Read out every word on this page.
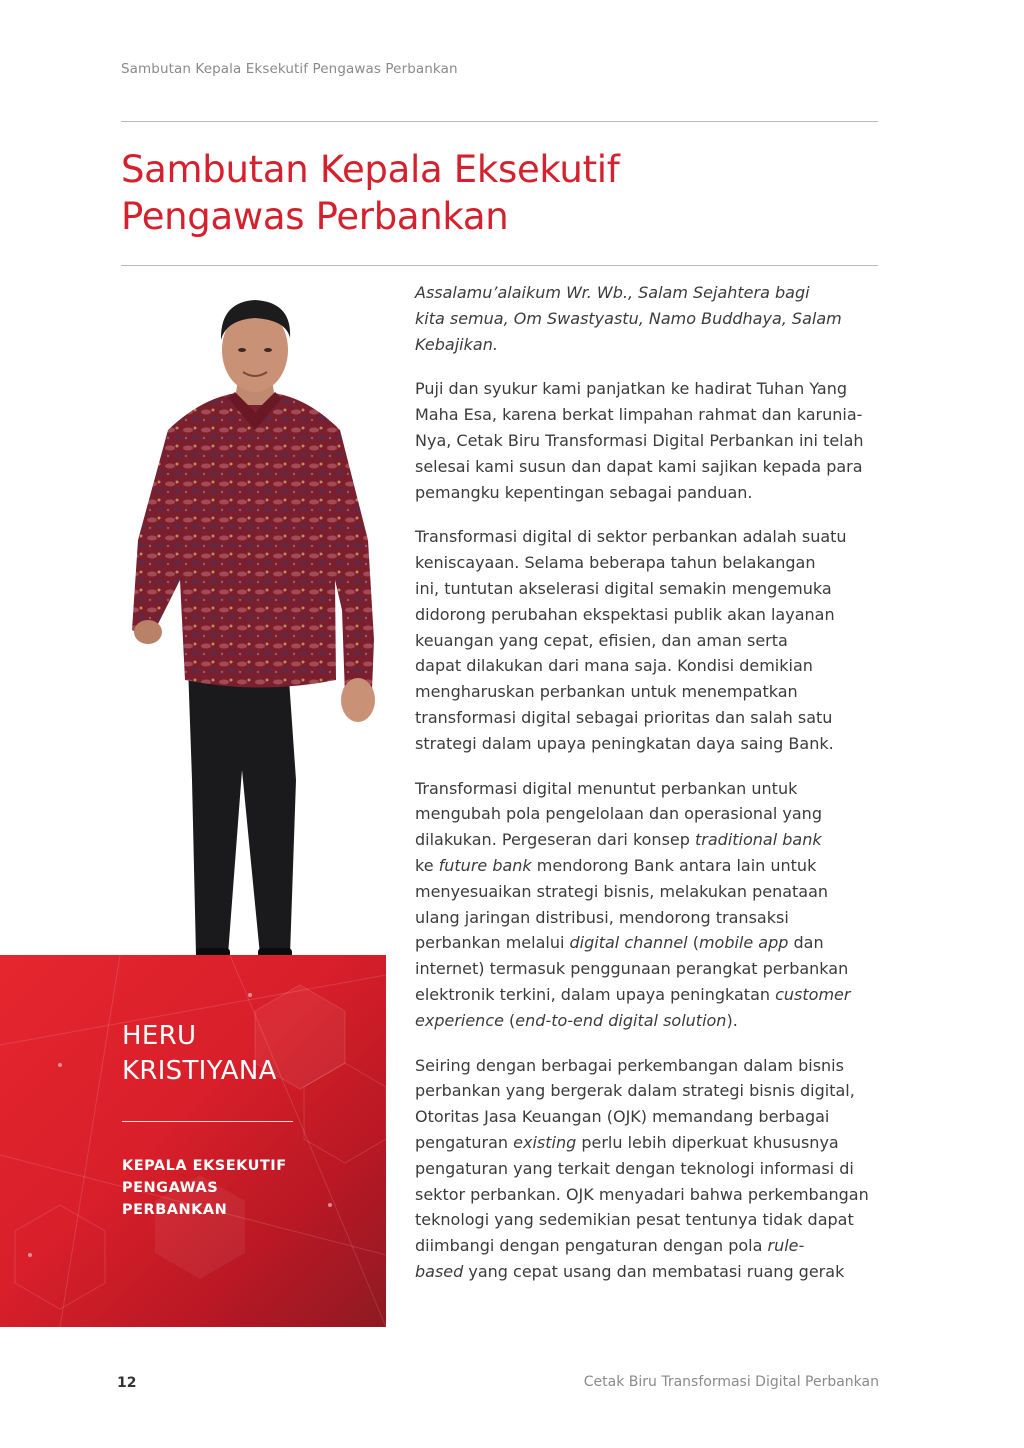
Sambutan Kepala Eksekutif Pengawas Perbankan
Sambutan Kepala Eksekutif
Pengawas Perbankan
HERU
KRISTIYANA
KEPALA EKSEKUTIF
PENGAWAS
PERBANKAN

Assalamu’alaikum Wr. Wb., Salam Sejahtera bagi
kita semua, Om Swastyastu, Namo Buddhaya, Salam
Kebajikan.

Puji dan syukur kami panjatkan ke hadirat Tuhan Yang
Maha Esa, karena berkat limpahan rahmat dan karunia-
Nya, Cetak Biru Transformasi Digital Perbankan ini telah
selesai kami susun dan dapat kami sajikan kepada para
pemangku kepentingan sebagai panduan.

Transformasi digital di sektor perbankan adalah suatu
keniscayaan. Selama beberapa tahun belakangan
ini, tuntutan akselerasi digital semakin mengemuka
didorong perubahan ekspektasi publik akan layanan
keuangan yang cepat, efisien, dan aman serta
dapat dilakukan dari mana saja. Kondisi demikian
mengharuskan perbankan untuk menempatkan
transformasi digital sebagai prioritas dan salah satu
strategi dalam upaya peningkatan daya saing Bank.

Transformasi digital menuntut perbankan untuk
mengubah pola pengelolaan dan operasional yang
dilakukan. Pergeseran dari konsep traditional bank
ke future bank mendorong Bank antara lain untuk
menyesuaikan strategi bisnis, melakukan penataan
ulang jaringan distribusi, mendorong transaksi
perbankan melalui digital channel (mobile app dan
internet) termasuk penggunaan perangkat perbankan
elektronik terkini, dalam upaya peningkatan customer
experience (end-to-end digital solution).

Seiring dengan berbagai perkembangan dalam bisnis
perbankan yang bergerak dalam strategi bisnis digital,
Otoritas Jasa Keuangan (OJK) memandang berbagai
pengaturan existing perlu lebih diperkuat khususnya
pengaturan yang terkait dengan teknologi informasi di
sektor perbankan. OJK menyadari bahwa perkembangan
teknologi yang sedemikian pesat tentunya tidak dapat
diimbangi dengan pengaturan dengan pola rule-
based yang cepat usang dan membatasi ruang gerak

12	Cetak Biru Transformasi Digital Perbankan
